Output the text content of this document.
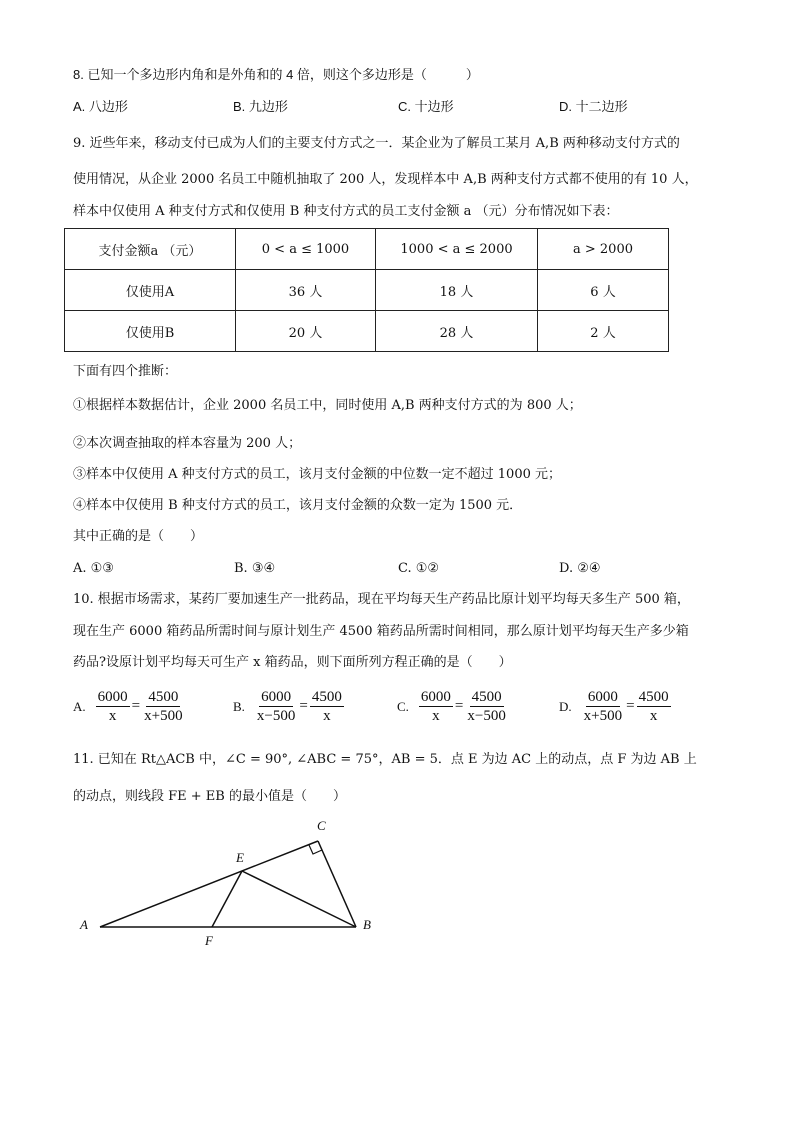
8. 已知一个多边形内角和是外角和的 4 倍，则这个多边形是（　　　）
A. 八边形	B. 九边形	C. 十边形	D. 十二边形
9. 近些年来，移动支付已成为人们的主要支付方式之一．某企业为了解员工某月 A,B 两种移动支付方式的
使用情况，从企业 2000 名员工中随机抽取了 200 人，发现样本中 A,B 两种支付方式都不使用的有 10 人，
样本中仅使用 A 种支付方式和仅使用 B 种支付方式的员工支付金额 a （元）分布情况如下表：
支付金额a （元）	0 < a ≤ 1000	1000 < a ≤ 2000	a > 2000
仅使用A	36 人	18 人	6 人
仅使用B	20 人	28 人	2 人
下面有四个推断：
①根据样本数据估计，企业 2000 名员工中，同时使用 A,B 两种支付方式的为 800 人；
②本次调查抽取的样本容量为 200 人；
③样本中仅使用 A 种支付方式的员工，该月支付金额的中位数一定不超过 1000 元；
④样本中仅使用 B 种支付方式的员工，该月支付金额的众数一定为 1500 元．
其中正确的是（　　）
A. ①③	B. ③④	C. ①②	D. ②④
10. 根据市场需求，某药厂要加速生产一批药品，现在平均每天生产药品比原计划平均每天多生产 500 箱，
现在生产 6000 箱药品所需时间与原计划生产 4500 箱药品所需时间相同，那么原计划平均每天生产多少箱
药品?设原计划平均每天可生产 x 箱药品，则下面所列方程正确的是（　　）
A. $\frac{6000}{x} = \frac{4500}{x+500}$	B. $\frac{6000}{x-500} = \frac{4500}{x}$	C. $\frac{6000}{x} = \frac{4500}{x-500}$	D. $\frac{6000}{x+500} = \frac{4500}{x}$
11. 已知在 Rt△ACB 中，∠C = 90°, ∠ABC = 75°，AB = 5．点 E 为边 AC 上的动点，点 F 为边 AB 上
的动点，则线段 FE + EB 的最小值是（　　）
A	B
C
E
F
